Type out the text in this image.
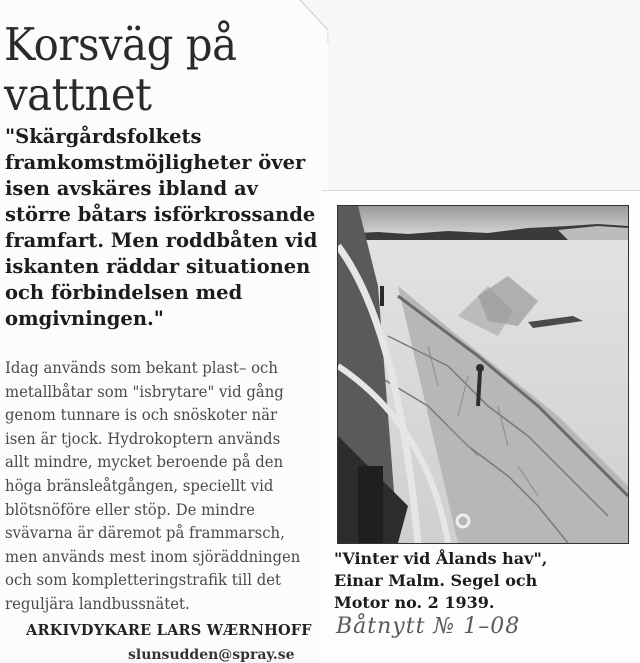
Korsväg på
vattnet

"Skärgårdsfolkets framkomstmöjligheter över isen avskäres ibland av större båtars isförkrossande framfart. Men roddbåten vid iskanten räddar situationen och förbindelsen med omgivningen."

Idag används som bekant plast– och metallbåtar som "isbrytare" vid gång genom tunnare is och snöskoter när isen är tjock. Hydrokoptern används allt mindre, mycket beroende på den höga bränsleåtgången, speciellt vid blötsnöföre eller stöp. De mindre svävarna är däremot på frammarsch, men används mest inom sjöräddningen och som kompletteringstrafik till det reguljära landbussnätet.

ARKIVDYKARE LARS WÆRNHOFF

slunsudden@spray.se

"Vinter vid Ålands hav",
Einar Malm. Segel och
Motor no. 2 1939.

Båtnytt № 1–08
